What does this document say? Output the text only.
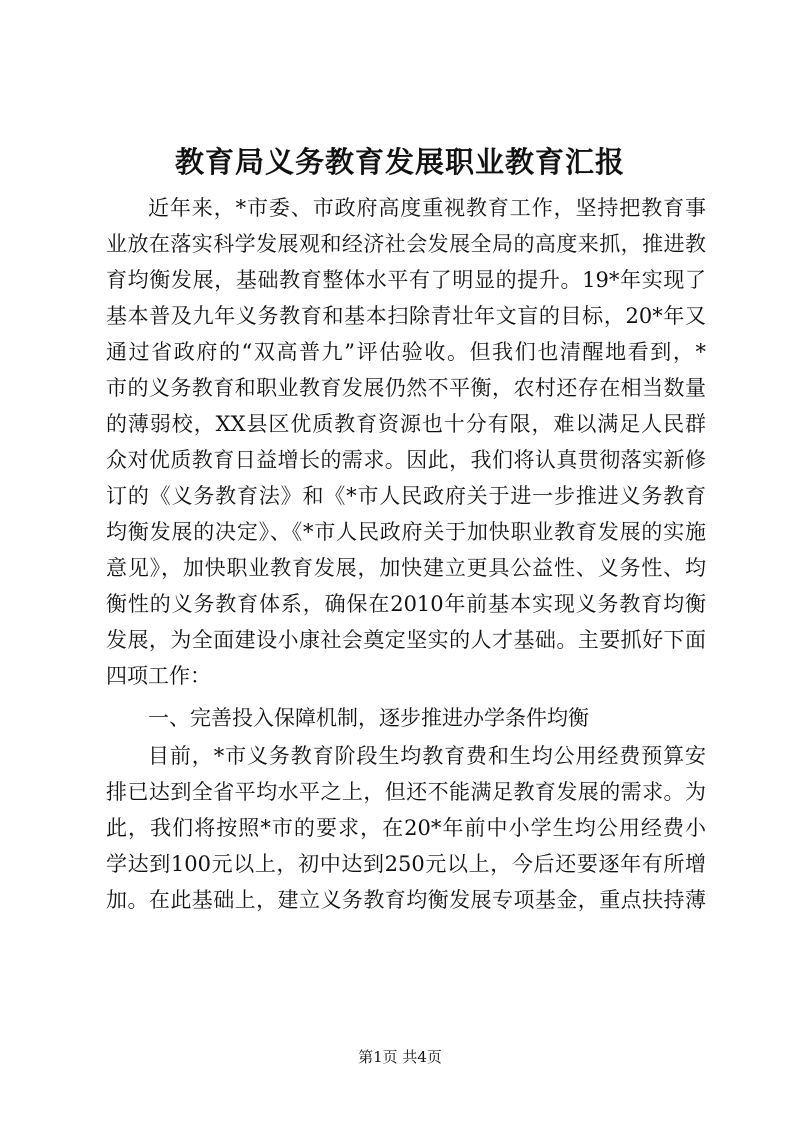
教育局义务教育发展职业教育汇报

近年来，*市委、市政府高度重视教育工作，坚持把教育事

业放在落实科学发展观和经济社会发展全局的高度来抓，推进教

育均衡发展，基础教育整体水平有了明显的提升。19*年实现了

基本普及九年义务教育和基本扫除青壮年文盲的目标，20*年又

通过省政府的“双高普九”评估验收。但我们也清醒地看到，*

市的义务教育和职业教育发展仍然不平衡，农村还存在相当数量

的薄弱校，XX县区优质教育资源也十分有限，难以满足人民群

众对优质教育日益增长的需求。因此，我们将认真贯彻落实新修

订的《义务教育法》和《*市人民政府关于进一步推进义务教育

均衡发展的决定》、《*市人民政府关于加快职业教育发展的实施

意见》，加快职业教育发展，加快建立更具公益性、义务性、均

衡性的义务教育体系，确保在2010年前基本实现义务教育均衡

发展，为全面建设小康社会奠定坚实的人才基础。主要抓好下面

四项工作：

一、完善投入保障机制，逐步推进办学条件均衡

目前，*市义务教育阶段生均教育费和生均公用经费预算安

排已达到全省平均水平之上，但还不能满足教育发展的需求。为

此，我们将按照*市的要求，在20*年前中小学生均公用经费小

学达到100元以上，初中达到250元以上，今后还要逐年有所增

加。在此基础上，建立义务教育均衡发展专项基金，重点扶持薄

第1页 共4页
